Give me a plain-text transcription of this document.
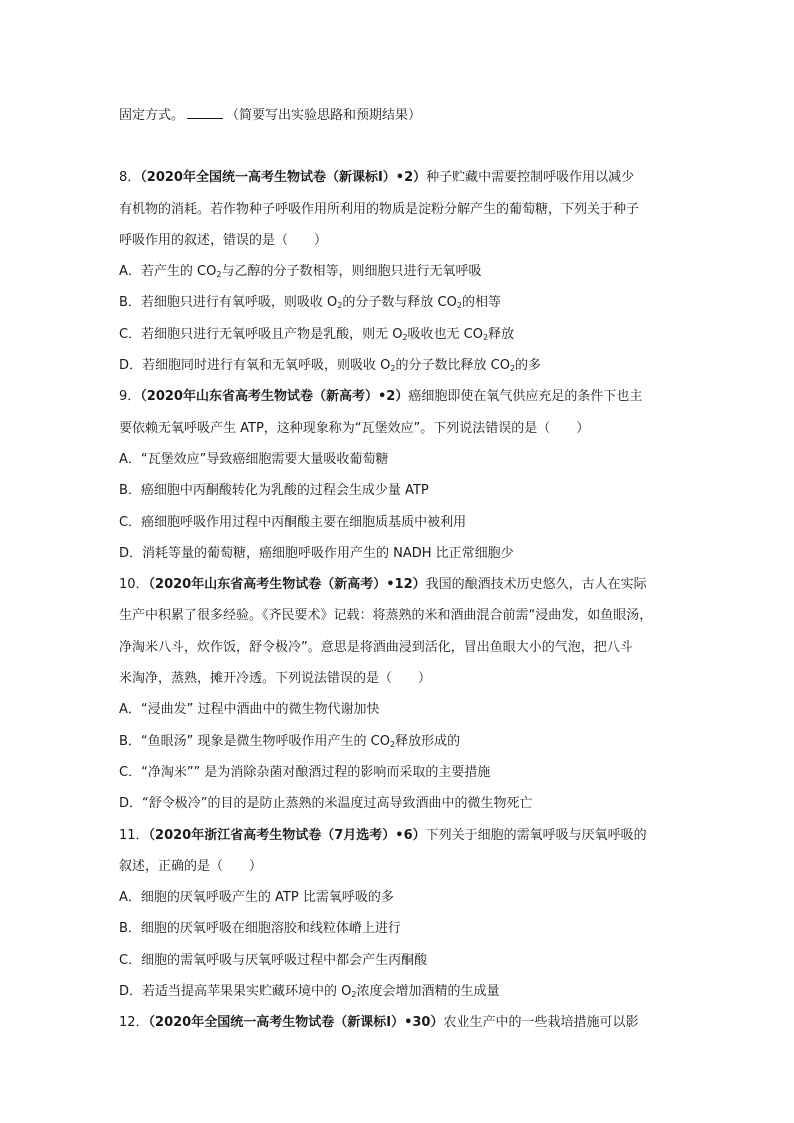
固定方式。	（简要写出实验思路和预期结果）
8．（2020年全国统一高考生物试卷（新课标Ⅰ）•2）种子贮藏中需要控制呼吸作用以减少
有机物的消耗。若作物种子呼吸作用所利用的物质是淀粉分解产生的葡萄糖，下列关于种子
呼吸作用的叙述，错误的是（　　）
A．若产生的 $CO_2$与乙醇的分子数相等，则细胞只进行无氧呼吸
B．若细胞只进行有氧呼吸，则吸收 $O_2$的分子数与释放 $CO_2$的相等
C．若细胞只进行无氧呼吸且产物是乳酸，则无 $O_2$吸收也无 $CO_2$释放
D．若细胞同时进行有氧和无氧呼吸，则吸收 $O_2$的分子数比释放 $CO_2$的多
9．（2020年山东省高考生物试卷（新高考）•2）癌细胞即使在氧气供应充足的条件下也主
要依赖无氧呼吸产生 ATP，这种现象称为“瓦堡效应”。下列说法错误的是（　　）
A．“瓦堡效应”导致癌细胞需要大量吸收葡萄糖
B．癌细胞中丙酮酸转化为乳酸的过程会生成少量 ATP
C．癌细胞呼吸作用过程中丙酮酸主要在细胞质基质中被利用
D．消耗等量的葡萄糖，癌细胞呼吸作用产生的 NADH 比正常细胞少
10．（2020年山东省高考生物试卷（新高考）•12）我国的酿酒技术历史悠久，古人在实际
生产中积累了很多经验。《齐民要术》记载：将蒸熟的米和酒曲混合前需“浸曲发，如鱼眼汤，
净淘米八斗，炊作饭，舒令极冷”。意思是将酒曲浸到活化，冒出鱼眼大小的气泡，把八斗
米淘净，蒸熟，摊开冷透。下列说法错误的是（　　）
A．“浸曲发” 过程中酒曲中的微生物代谢加快
B．“鱼眼汤” 现象是微生物呼吸作用产生的 $CO_2$释放形成的
C．“净淘米”” 是为消除杂菌对酿酒过程的影响而采取的主要措施
D．“舒令极冷”的目的是防止蒸熟的米温度过高导致酒曲中的微生物死亡
11．（2020年浙江省高考生物试卷（7月选考）•6）下列关于细胞的需氧呼吸与厌氧呼吸的
叙述，正确的是（　　）
A．细胞的厌氧呼吸产生的 ATP 比需氧呼吸的多
B．细胞的厌氧呼吸在细胞溶胶和线粒体嵴上进行
C．细胞的需氧呼吸与厌氧呼吸过程中都会产生丙酮酸
D．若适当提高苹果果实贮藏环境中的 $O_2$浓度会增加酒精的生成量
12．（2020年全国统一高考生物试卷（新课标Ⅰ）•30）农业生产中的一些栽培措施可以影
